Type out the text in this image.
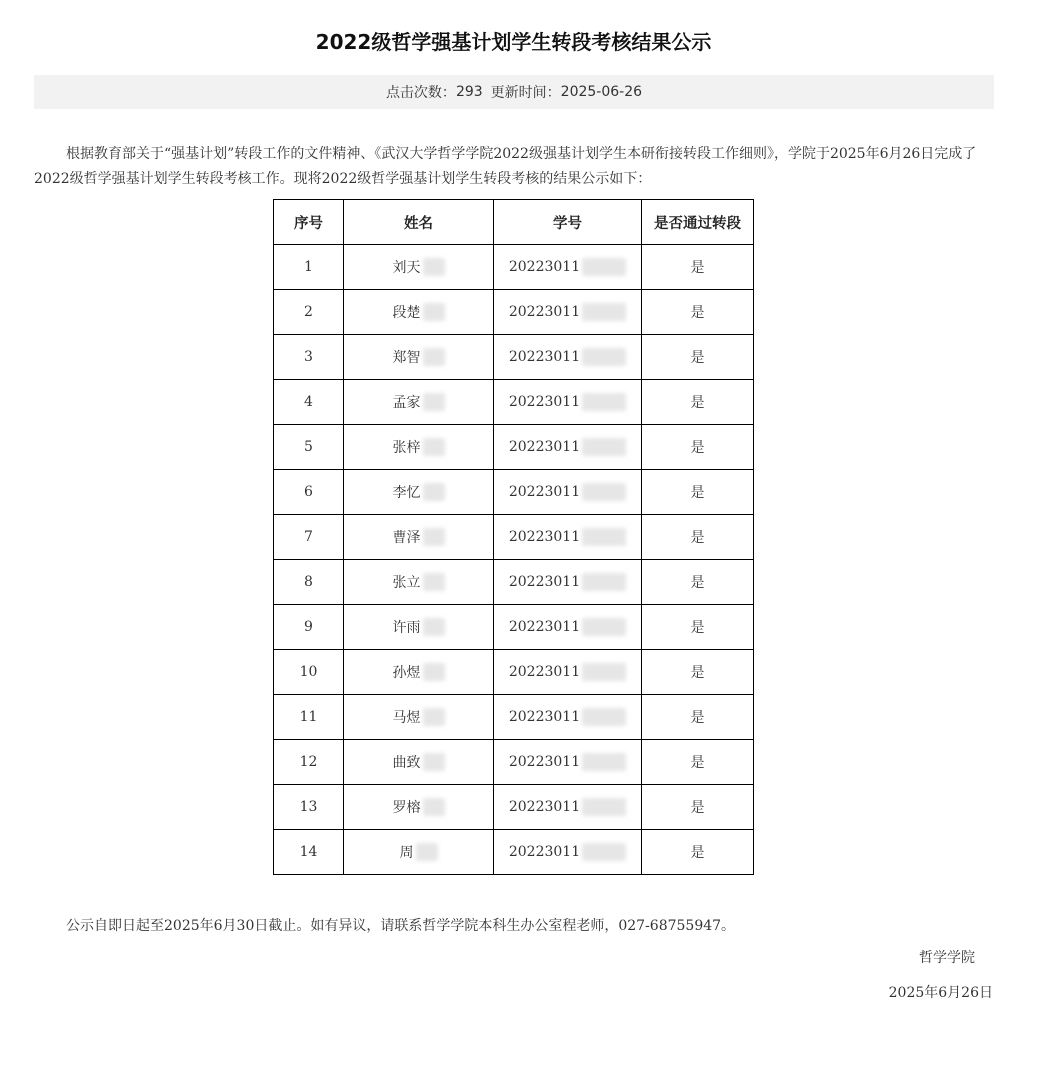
2022级哲学强基计划学生转段考核结果公示
点击次数： 293 更新时间： 2025-06-26
根据教育部关于“强基计划”转段工作的文件精神、《武汉大学哲学学院2022级强基计划学生本研衔接转段工作细则》，学院于2025年6月26日完成了2022级哲学强基计划学生转段考核工作。现将2022级哲学强基计划学生转段考核的结果公示如下：
序号	姓名	学号	是否通过转段
1	刘天	20223011	是
2	段楚	20223011	是
3	郑智	20223011	是
4	孟家	20223011	是
5	张梓	20223011	是
6	李忆	20223011	是
7	曹泽	20223011	是
8	张立	20223011	是
9	许雨	20223011	是
10	孙煜	20223011	是
11	马煜	20223011	是
12	曲致	20223011	是
13	罗榕	20223011	是
14	周	20223011	是
公示自即日起至2025年6月30日截止。如有异议，请联系哲学学院本科生办公室程老师，027-68755947。
哲学学院
2025年6月26日
